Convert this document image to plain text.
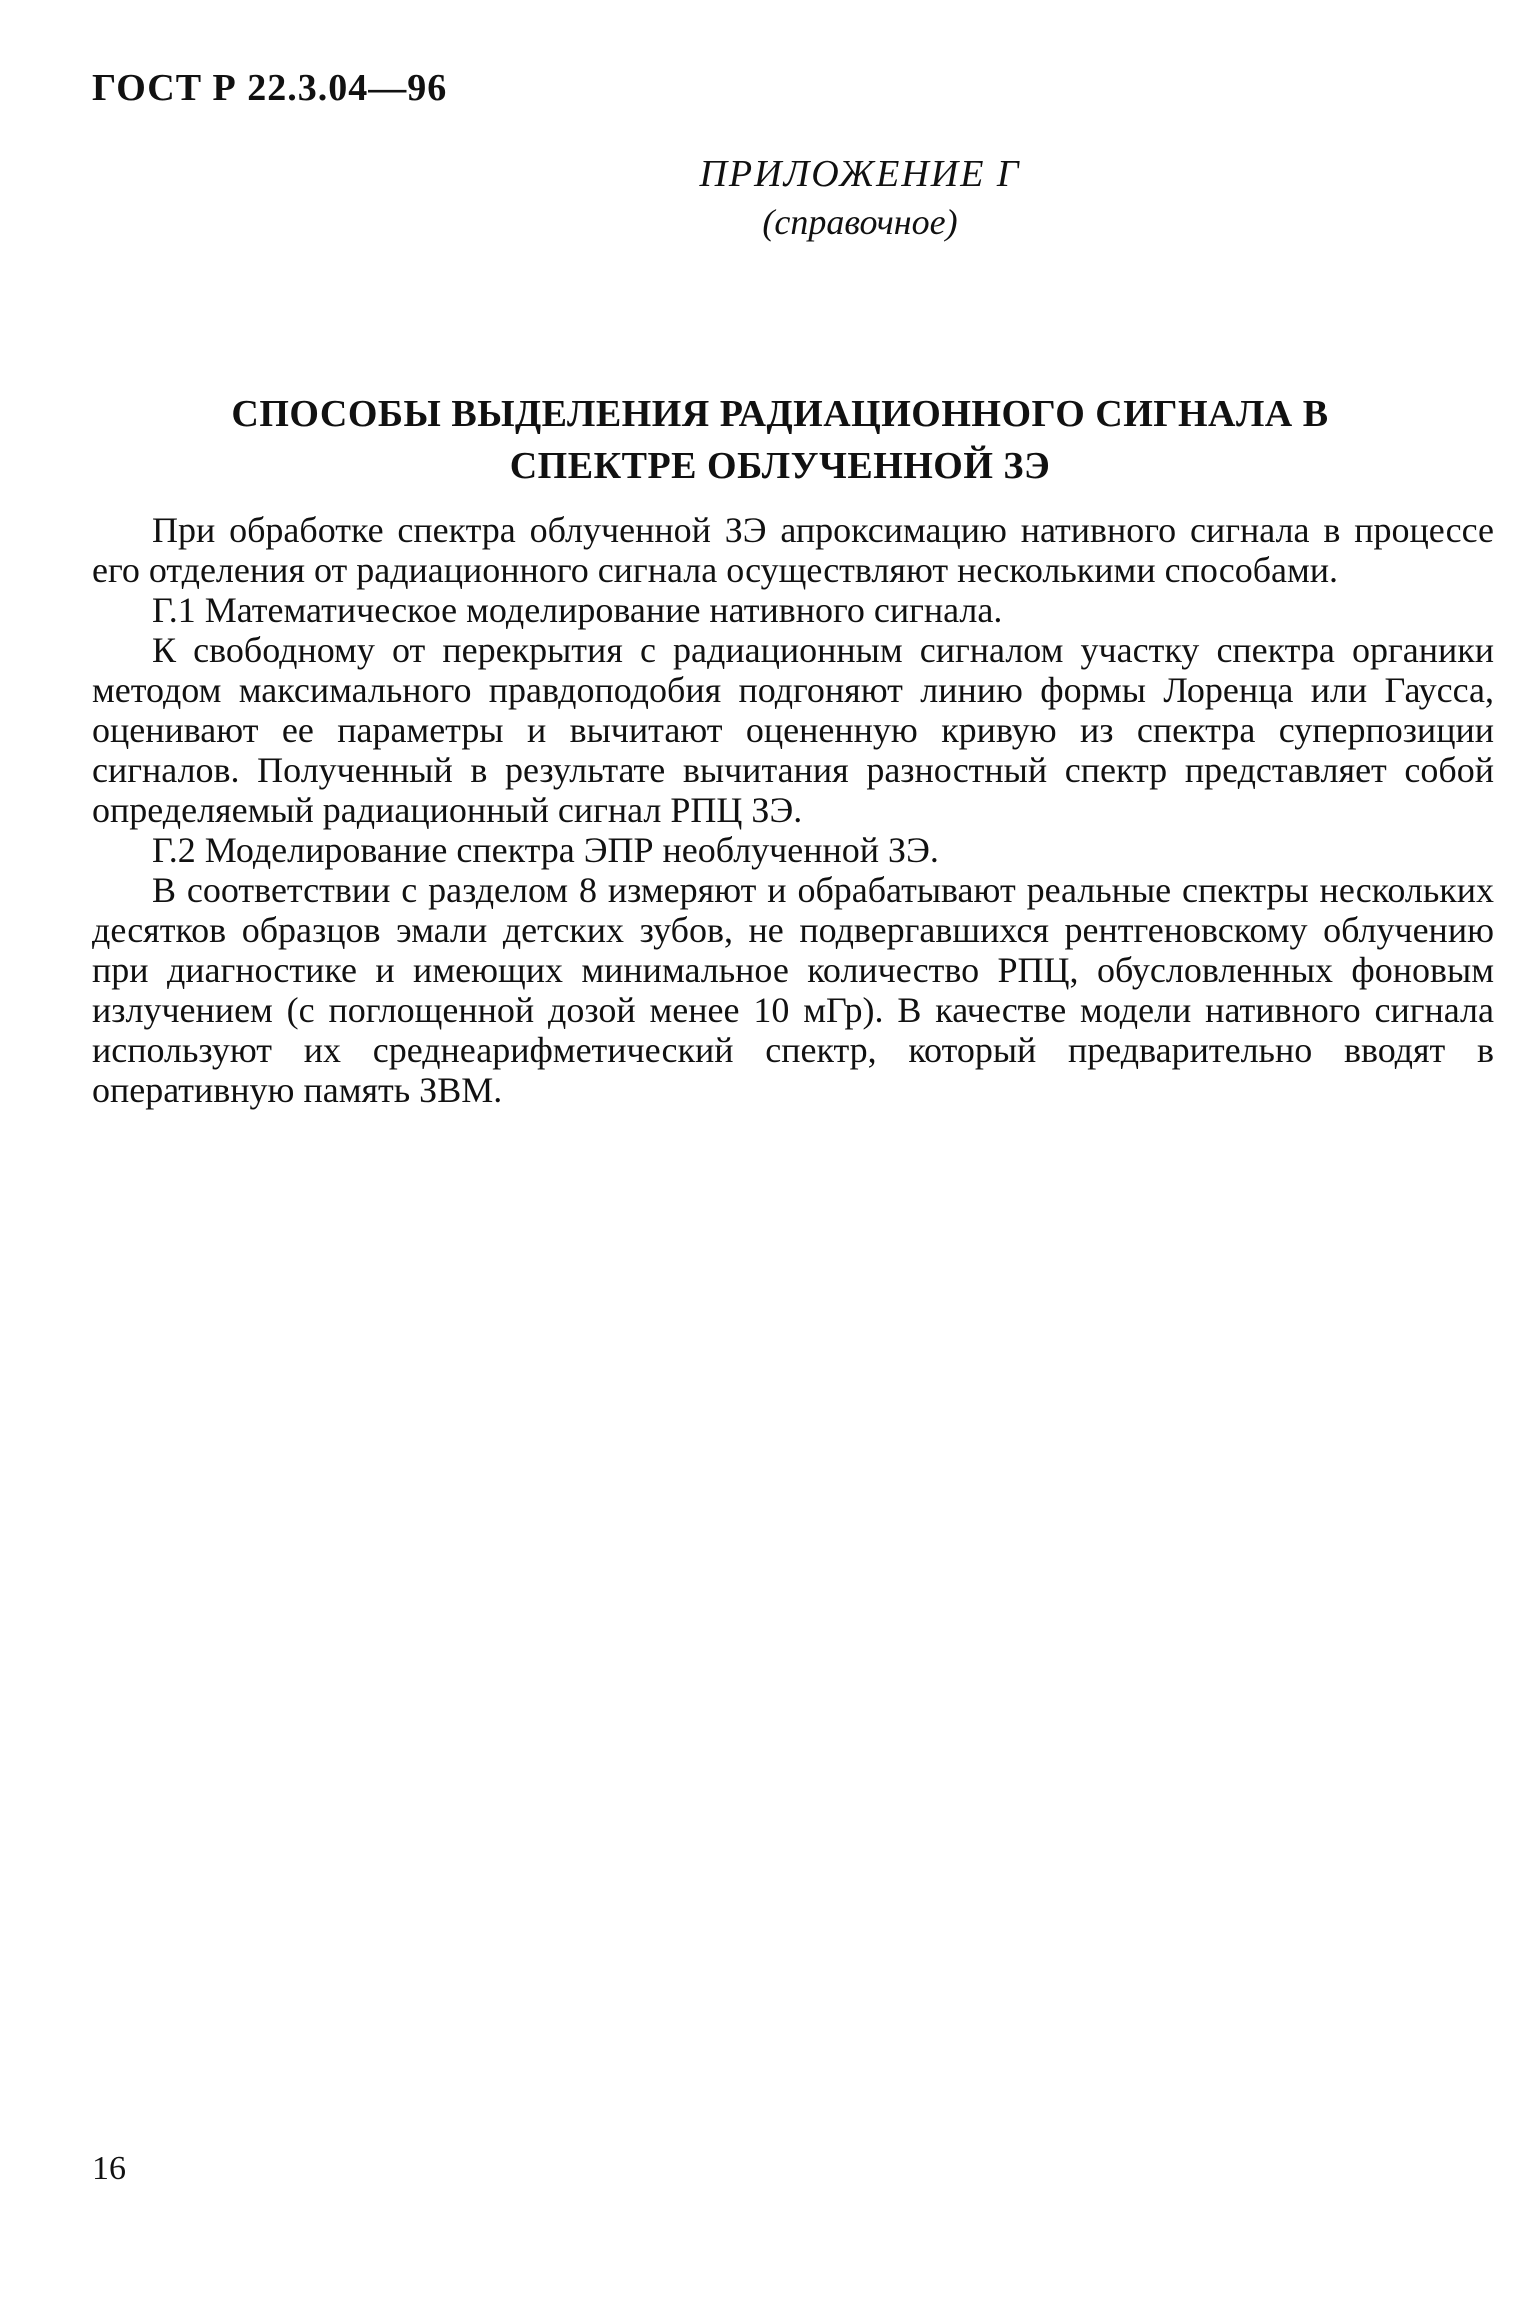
ГОСТ Р 22.3.04—96
ПРИЛОЖЕНИЕ Г
(справочное)
СПОСОБЫ ВЫДЕЛЕНИЯ РАДИАЦИОННОГО СИГНАЛА В СПЕКТРЕ ОБЛУЧЕННОЙ ЗЭ

При обработке спектра облученной ЗЭ апроксимацию нативного сигнала в процессе его отделения от радиационного сигнала осуществляют несколькими способами.

Г.1 Математическое моделирование нативного сигнала.

К свободному от перекрытия с радиационным сигналом участку спектра органики методом максимального правдоподобия подгоняют линию формы Лоренца или Гаусса, оценивают ее параметры и вычитают оцененную кривую из спектра суперпозиции сигналов. Полученный в результате вычитания разностный спектр представляет собой определяемый радиационный сигнал РПЦ ЗЭ.

Г.2 Моделирование спектра ЭПР необлученной ЗЭ.

В соответствии с разделом 8 измеряют и обрабатывают реальные спектры нескольких десятков образцов эмали детских зубов, не подвергавшихся рентгеновскому облучению при диагностике и имеющих минимальное количество РПЦ, обусловленных фоновым излучением (с поглощенной дозой менее 10 мГр). В качестве модели нативного сигнала используют их среднеарифметический спектр, который предварительно вводят в оперативную память ЗВМ.

16
